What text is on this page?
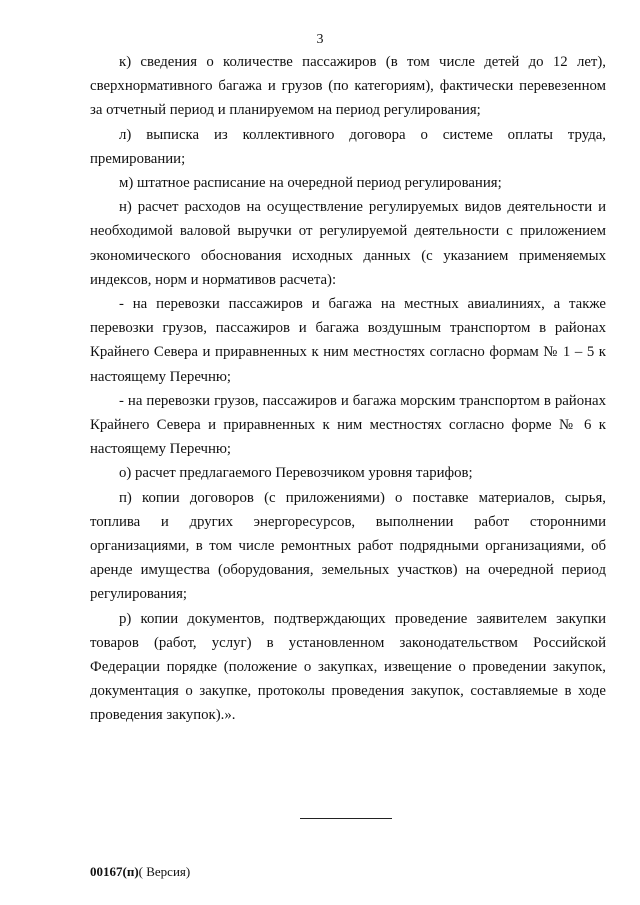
3

к) сведения о количестве пассажиров (в том числе детей до 12 лет), сверхнормативного багажа и грузов (по категориям), фактически перевезенном за отчетный период и планируемом на период регулирования;

л) выписка из коллективного договора о системе оплаты труда, премировании;

м) штатное расписание на очередной период регулирования;

н) расчет расходов на осуществление регулируемых видов деятельности и необходимой валовой выручки от регулируемой деятельности с приложением экономического обоснования исходных данных (с указанием применяемых индексов, норм и нормативов расчета):

- на перевозки пассажиров и багажа на местных авиалиниях, а также перевозки грузов, пассажиров и багажа воздушным транспортом в районах Крайнего Севера и приравненных к ним местностях согласно формам № 1 – 5 к настоящему Перечню;

- на перевозки грузов, пассажиров и багажа морским транспортом в районах Крайнего Севера и приравненных к ним местностях согласно форме № 6 к настоящему Перечню;

о) расчет предлагаемого Перевозчиком уровня тарифов;

п) копии договоров (с приложениями) о поставке материалов, сырья, топлива и других энергоресурсов, выполнении работ сторонними организациями, в том числе ремонтных работ подрядными организациями, об аренде имущества (оборудования, земельных участков) на очередной период регулирования;

р) копии документов, подтверждающих проведение заявителем закупки товаров (работ, услуг) в установленном законодательством Российской Федерации порядке (положение о закупках, извещение о проведении закупок, документация о закупке, протоколы проведения закупок, составляемые в ходе проведения закупок).».

00167(п)( Версия)
